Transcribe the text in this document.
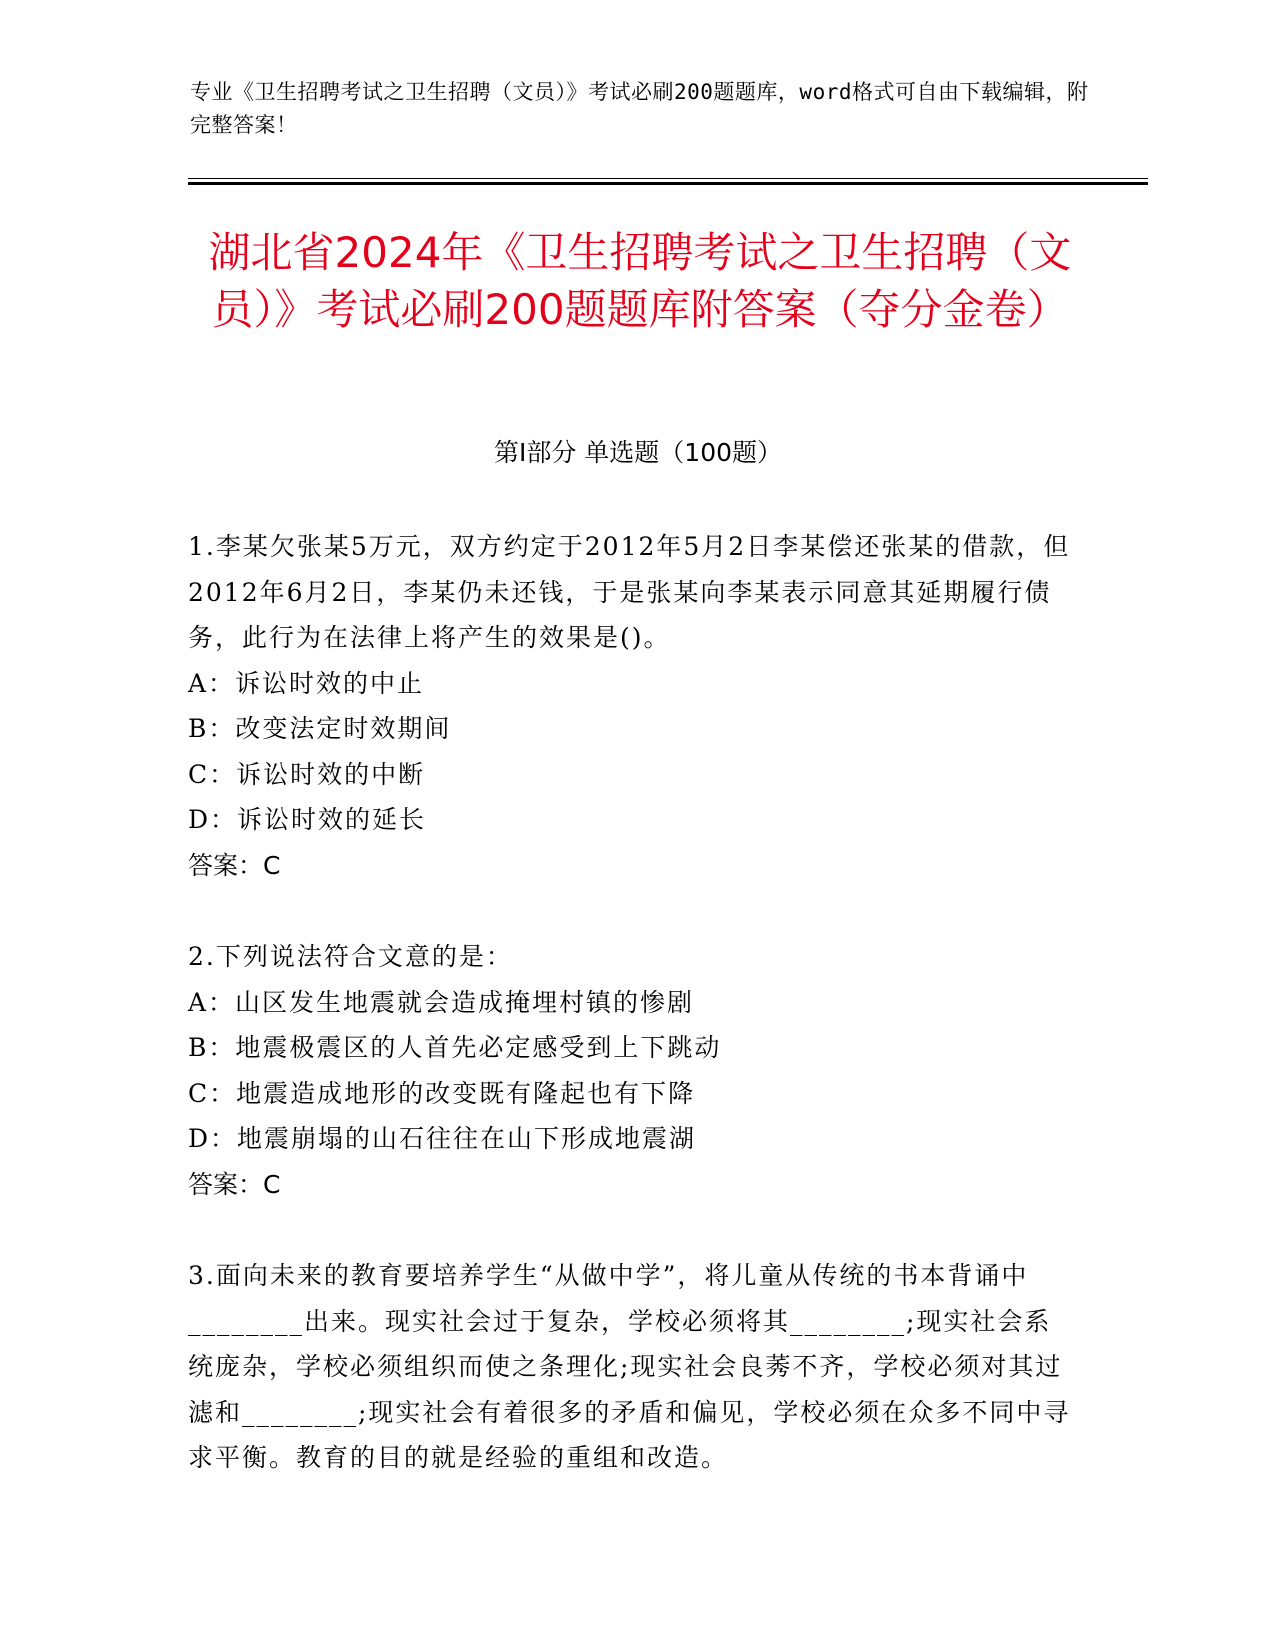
专业《卫生招聘考试之卫生招聘（文员）》考试必刷200题题库，word格式可自由下载编辑，附完整答案！
湖北省2024年《卫生招聘考试之卫生招聘（文员）》考试必刷200题题库附答案（夺分金卷）
第Ⅰ部分 单选题（100题）

1.李某欠张某5万元，双方约定于2012年5月2日李某偿还张某的借款，但2012年6月2日，李某仍未还钱，于是张某向李某表示同意其延期履行债务，此行为在法律上将产生的效果是()。

A：诉讼时效的中止

B：改变法定时效期间

C：诉讼时效的中断

D：诉讼时效的延长

答案：C

2.下列说法符合文意的是：

A：山区发生地震就会造成掩埋村镇的惨剧

B：地震极震区的人首先必定感受到上下跳动

C：地震造成地形的改变既有隆起也有下降

D：地震崩塌的山石往往在山下形成地震湖

答案：C

3.面向未来的教育要培养学生“从做中学”，将儿童从传统的书本背诵中________出来。现实社会过于复杂，学校必须将其________;现实社会系统庞杂，学校必须组织而使之条理化;现实社会良莠不齐，学校必须对其过滤和________;现实社会有着很多的矛盾和偏见，学校必须在众多不同中寻求平衡。教育的目的就是经验的重组和改造。
